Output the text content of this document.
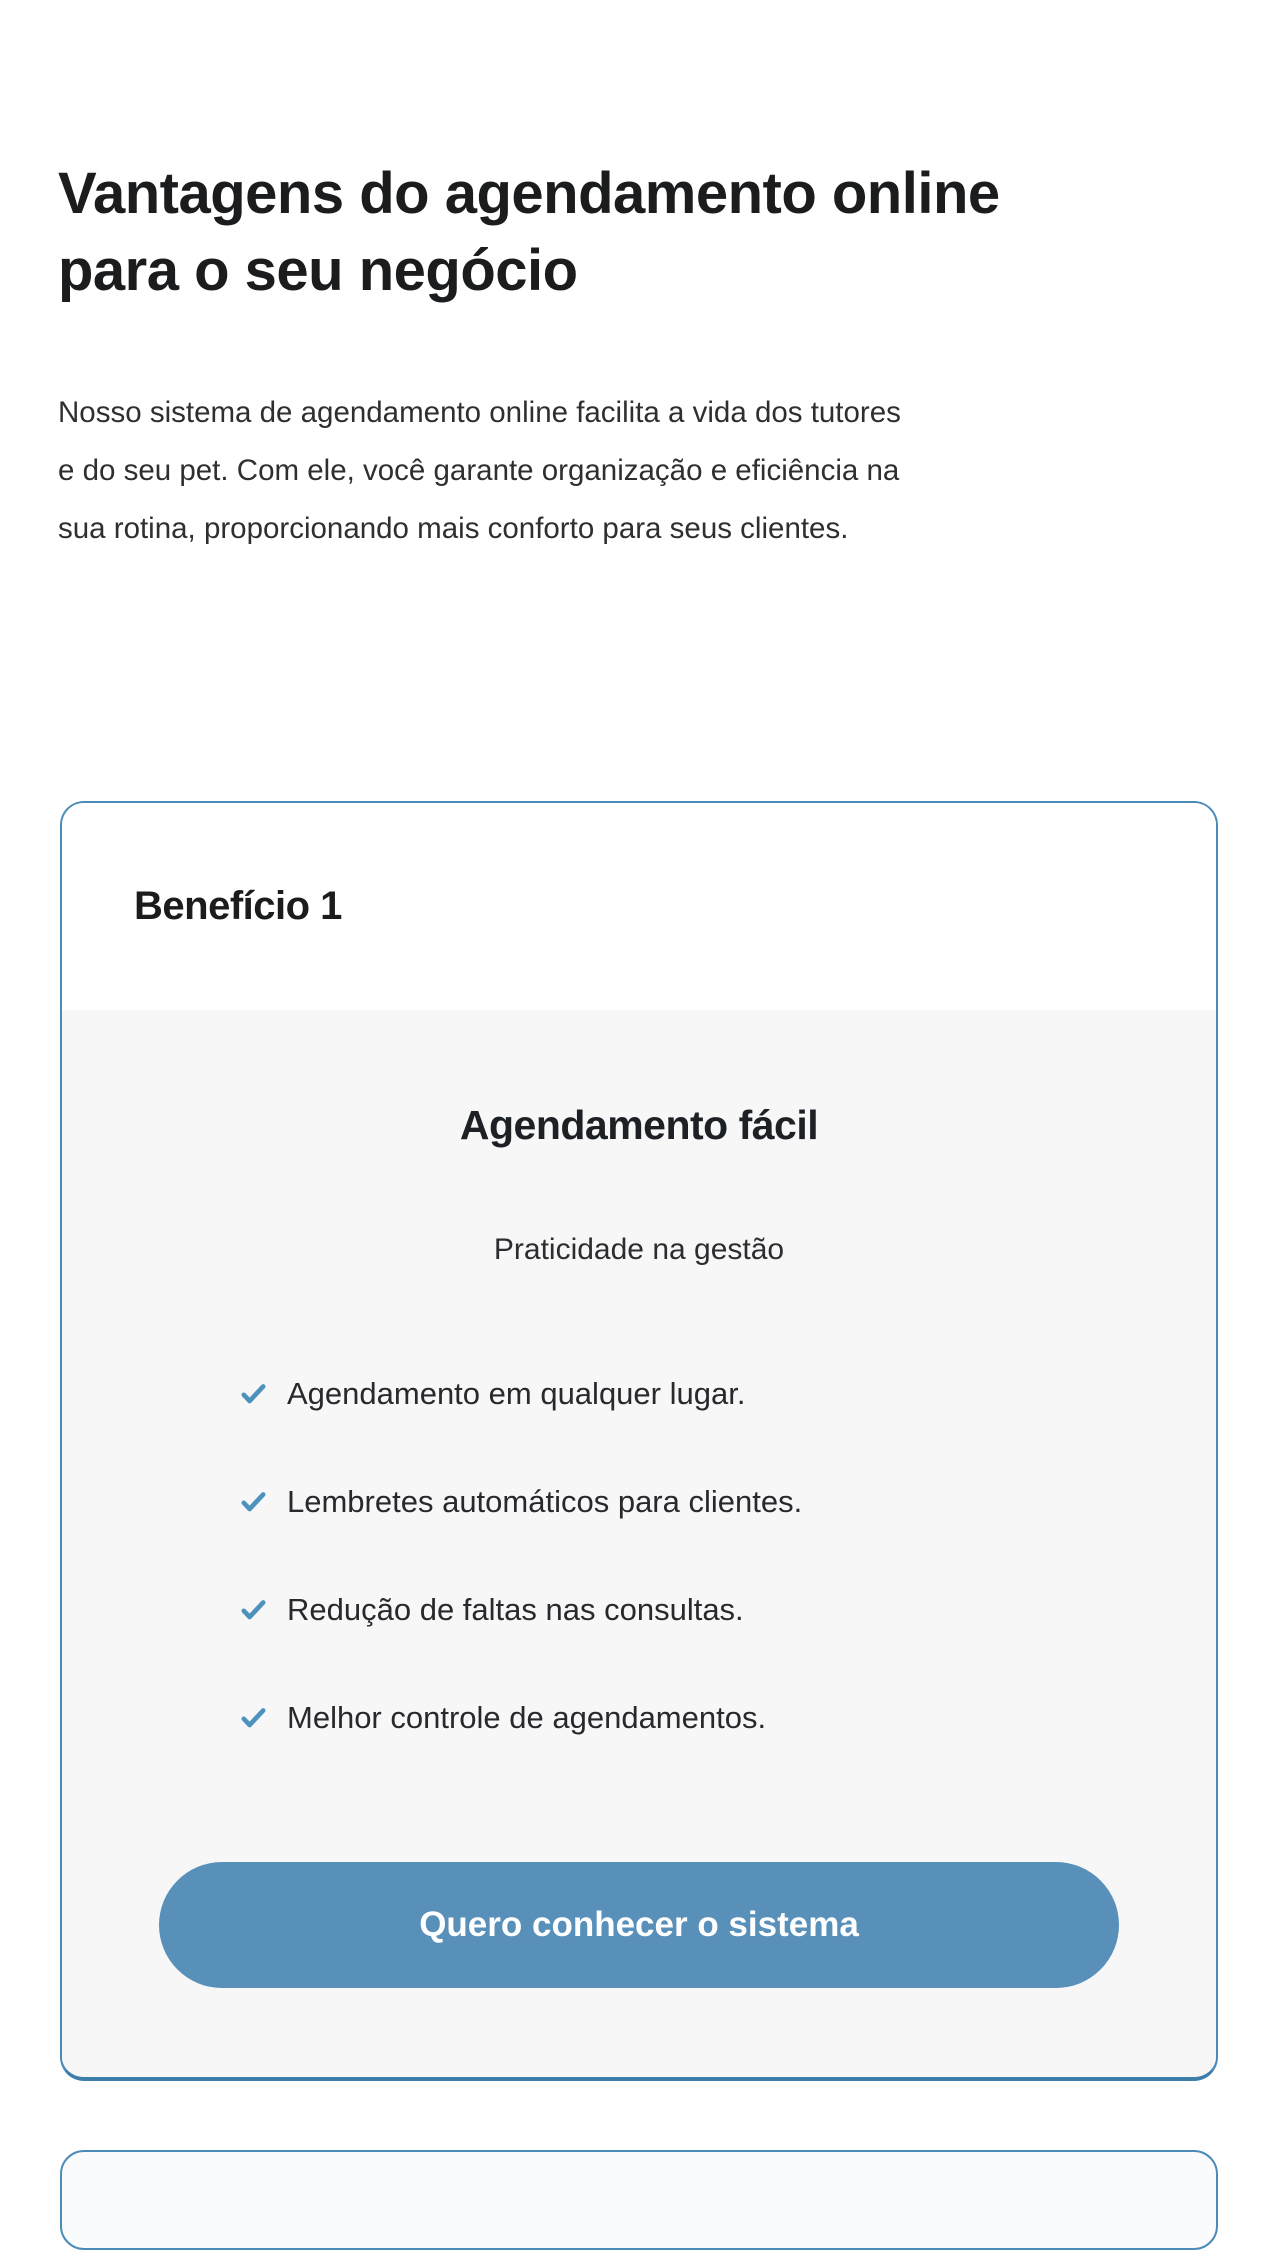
Vantagens do agendamento online para o seu negócio

Nosso sistema de agendamento online facilita a vida dos tutores e do seu pet. Com ele, você garante organização e eficiência na sua rotina, proporcionando mais conforto para seus clientes.

Benefício 1
Agendamento fácil

Praticidade na gestão

Agendamento em qualquer lugar.
Lembretes automáticos para clientes.
Redução de faltas nas consultas.
Melhor controle de agendamentos.
Quero conhecer o sistema
